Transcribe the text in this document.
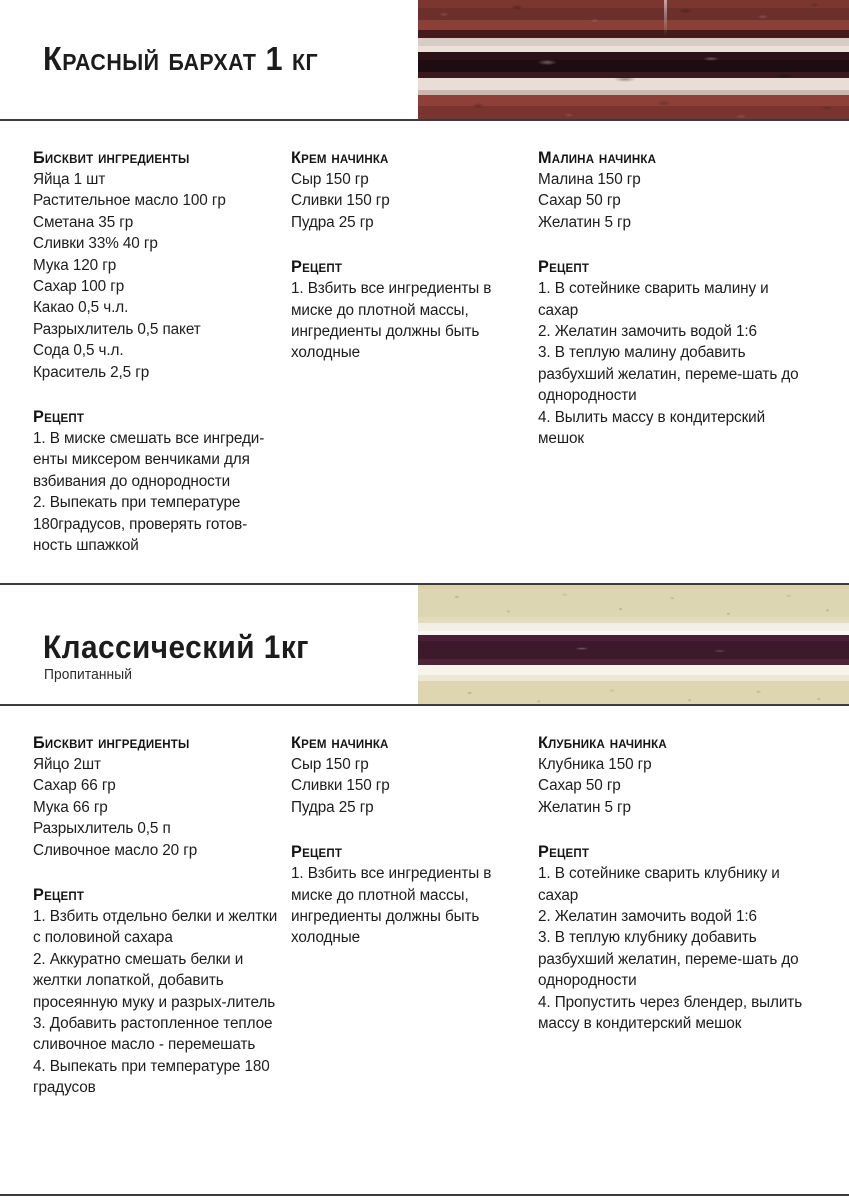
Красный бархат 1 кг
Бисквит ингредиенты
Яйца 1 шт
Растительное масло 100 гр
Сметана 35 гр
Сливки 33% 40 гр
Мука 120 гр
Сахар 100 гр
Какао 0,5 ч.л.
Разрыхлитель 0,5 пакет
Сода 0,5 ч.л.
Краситель 2,5 гр
Рецепт
1. В миске смешать все ингреди-енты миксером венчиками для взбивания до однородности
2. Выпекать при температуре 180градусов, проверять готов-ность шпажкой
Крем начинка
Сыр 150 гр
Сливки 150 гр
Пудра 25 гр
Рецепт
1. Взбить все ингредиенты в миске до плотной массы, ингредиенты должны быть холодные
Малина начинка
Малина 150 гр
Сахар 50 гр
Желатин 5 гр
Рецепт
1. В сотейнике сварить малину и сахар
2. Желатин замочить водой 1:6
3. В теплую малину добавить разбухший желатин, переме-шать до однородности
4. Вылить массу в кондитерский мешок
Классический 1кг

Пропитанный

Бисквит ингредиенты
Яйцо 2шт
Сахар 66 гр
Мука 66 гр
Разрыхлитель 0,5 п
Сливочное масло 20 гр
Рецепт
1. Взбить отдельно белки и желтки с половиной сахара
2. Аккуратно смешать белки и желтки лопаткой, добавить просеянную муку и разрых-литель
3. Добавить растопленное теплое сливочное масло - перемешать
4. Выпекать при температуре 180 градусов
Крем начинка
Сыр 150 гр
Сливки 150 гр
Пудра 25 гр
Рецепт
1. Взбить все ингредиенты в миске до плотной массы, ингредиенты должны быть холодные
Клубника начинка
Клубника 150 гр
Сахар 50 гр
Желатин 5 гр
Рецепт
1. В сотейнике сварить клубнику и сахар
2. Желатин замочить водой 1:6
3. В теплую клубнику добавить разбухший желатин, переме-шать до однородности
4. Пропустить через блендер, вылить массу в кондитерский мешок
